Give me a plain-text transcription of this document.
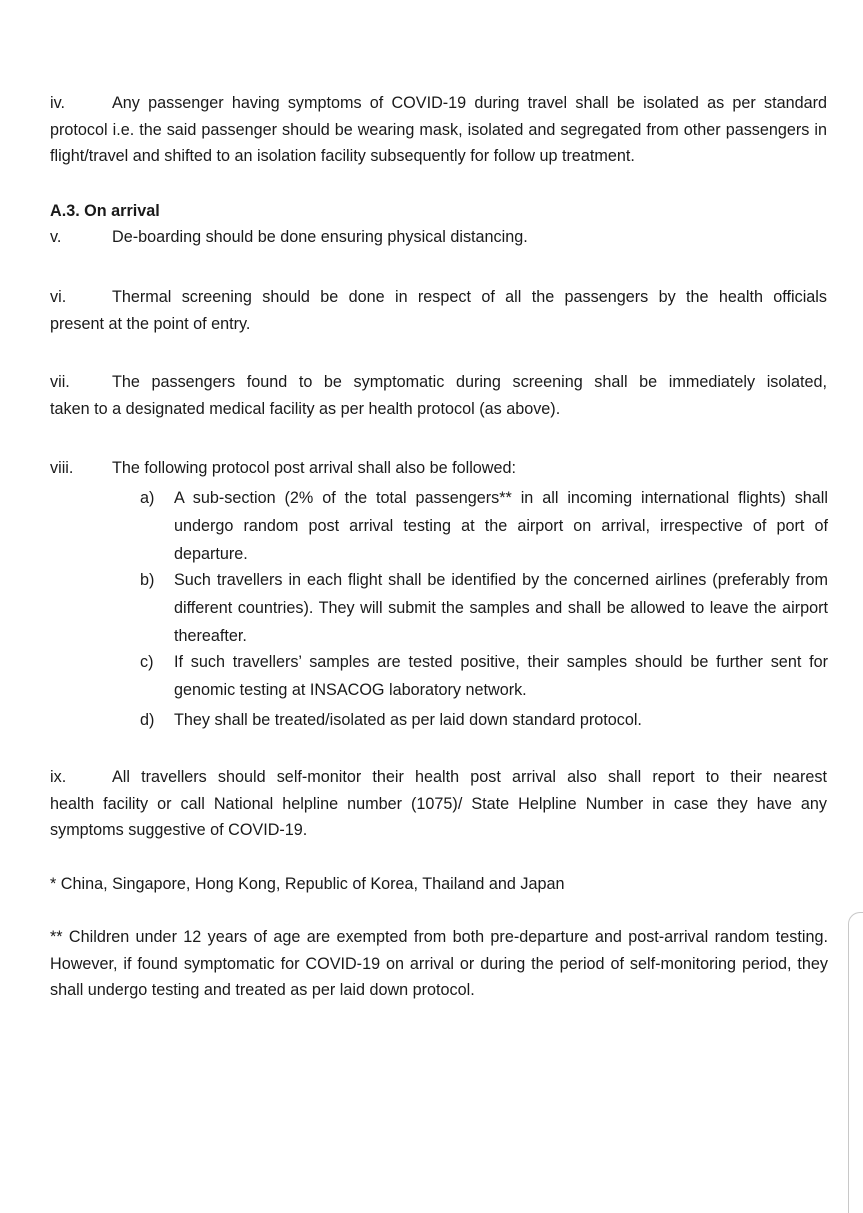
iv.	Any passenger having symptoms of COVID-19 during travel shall be isolated as per standard
protocol i.e. the said passenger should be wearing mask, isolated and segregated from other passengers in flight/travel and shifted to an isolation facility subsequently for follow up treatment.

A.3. On arrival

v.	De-boarding should be done ensuring physical distancing.
vi.	Thermal screening should be done in respect of all the passengers by the health officials
present at the point of entry.
vii.	The passengers found to be symptomatic during screening shall be immediately isolated,
taken to a designated medical facility as per health protocol (as above).
viii.	The following protocol post arrival shall also be followed:
a)	A sub-section (2% of the total passengers** in all incoming international flights) shall undergo random post arrival testing at the airport on arrival, irrespective of port of departure.
b)	Such travellers in each flight shall be identified by the concerned airlines (preferably from different countries). They will submit the samples and shall be allowed to leave the airport thereafter.
c)	If such travellers’ samples are tested positive, their samples should be further sent for genomic testing at INSACOG laboratory network.
d)	They shall be treated/isolated as per laid down standard protocol.
ix.	All travellers should self-monitor their health post arrival also shall report to their nearest
health facility or call National helpline number (1075)/ State Helpline Number in case they have any symptoms suggestive of COVID-19.

* China, Singapore, Hong Kong, Republic of Korea, Thailand and Japan

** Children under 12 years of age are exempted from both pre-departure and post-arrival random testing. However, if found symptomatic for COVID-19 on arrival or during the period of self-monitoring period, they shall undergo testing and treated as per laid down protocol.
